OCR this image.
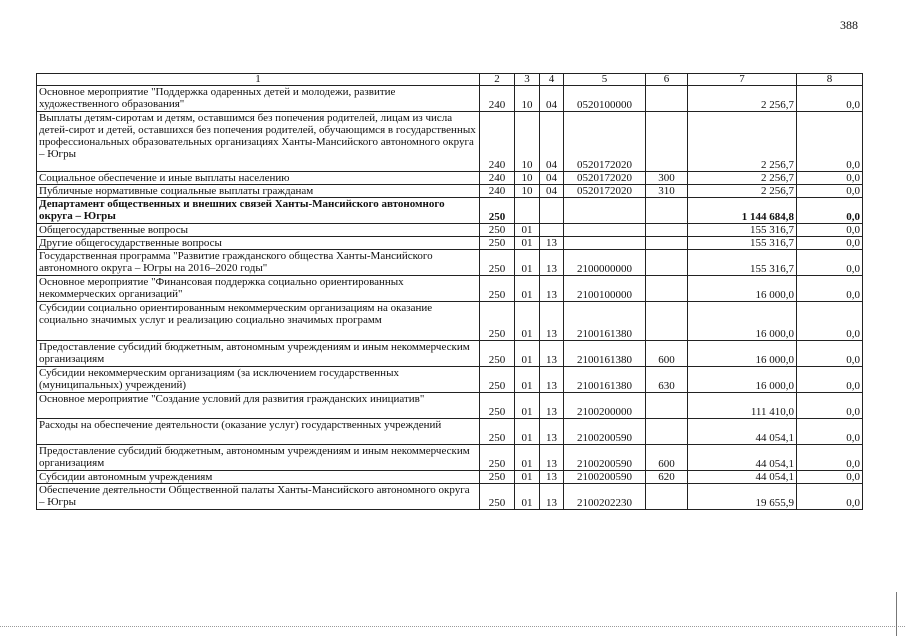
388
1	2	3	4	5	6	7	8
Основное мероприятие "Поддержка одаренных детей и молодежи, развитие художественного образования"	240	10	04	0520100000		2 256,7	0,0
Выплаты детям-сиротам и детям, оставшимся без попечения родителей, лицам из числа детей-сирот и детей, оставшихся без попечения родителей, обучающимся в государственных профессиональных образовательных организациях Ханты-Мансийского автономного округа – Югры	240	10	04	0520172020		2 256,7	0,0
Социальное обеспечение и иные выплаты населению	240	10	04	0520172020	300	2 256,7	0,0
Публичные нормативные социальные выплаты гражданам	240	10	04	0520172020	310	2 256,7	0,0
Департамент общественных и внешних связей Ханты-Мансийского автономного округа – Югры	250					1 144 684,8	0,0
Общегосударственные вопросы	250	01				155 316,7	0,0
Другие общегосударственные вопросы	250	01	13			155 316,7	0,0
Государственная программа "Развитие гражданского общества Ханты-Мансийского автономного округа – Югры на 2016–2020 годы"	250	01	13	2100000000		155 316,7	0,0
Основное мероприятие "Финансовая поддержка социально ориентированных некоммерческих организаций"	250	01	13	2100100000		16 000,0	0,0
Субсидии социально ориентированным некоммерческим организациям на оказание социально значимых услуг и реализацию социально значимых программ	250	01	13	2100161380		16 000,0	0,0
Предоставление субсидий бюджетным, автономным учреждениям и иным некоммерческим организациям	250	01	13	2100161380	600	16 000,0	0,0
Субсидии некоммерческим организациям (за исключением государственных (муниципальных) учреждений)	250	01	13	2100161380	630	16 000,0	0,0
Основное мероприятие "Создание условий для развития гражданских инициатив"	250	01	13	2100200000		111 410,0	0,0
Расходы на обеспечение деятельности (оказание услуг) государственных учреждений	250	01	13	2100200590		44 054,1	0,0
Предоставление субсидий бюджетным, автономным учреждениям и иным некоммерческим организациям	250	01	13	2100200590	600	44 054,1	0,0
Субсидии автономным учреждениям	250	01	13	2100200590	620	44 054,1	0,0
Обеспечение деятельности Общественной палаты Ханты-Мансийского автономного округа – Югры	250	01	13	2100202230		19 655,9	0,0
